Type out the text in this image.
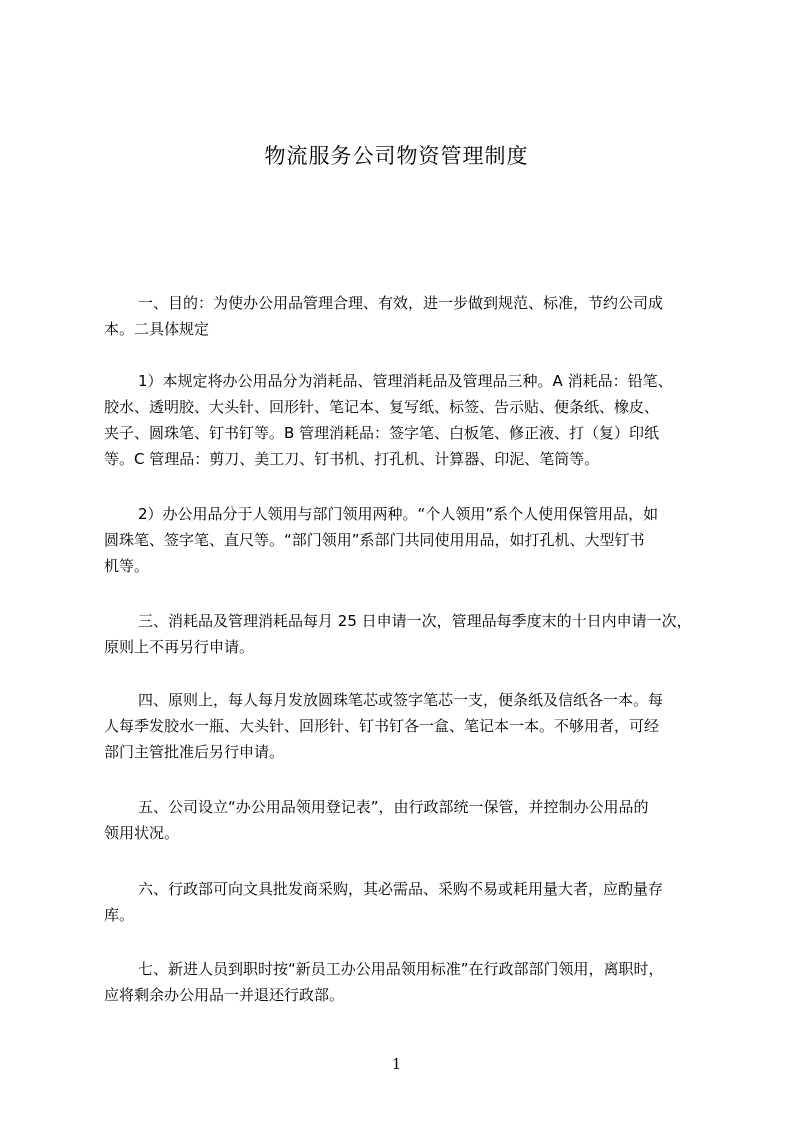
物流服务公司物资管理制度
一、目的：为使办公用品管理合理、有效，进一步做到规范、标准，节约公司成
本。二具体规定
1）本规定将办公用品分为消耗品、管理消耗品及管理品三种。A 消耗品：铅笔、
胶水、透明胶、大头针、回形针、笔记本、复写纸、标签、告示贴、便条纸、橡皮、
夹子、圆珠笔、钉书钉等。B 管理消耗品：签字笔、白板笔、修正液、打（复）印纸
等。C 管理品：剪刀、美工刀、钉书机、打孔机、计算器、印泥、笔筒等。
2）办公用品分于人领用与部门领用两种。“个人领用”系个人使用保管用品，如
圆珠笔、签字笔、直尺等。“部门领用”系部门共同使用用品，如打孔机、大型钉书
机等。
三、消耗品及管理消耗品每月 25 日申请一次，管理品每季度末的十日内申请一次，
原则上不再另行申请。
四、原则上，每人每月发放圆珠笔芯或签字笔芯一支，便条纸及信纸各一本。每
人每季发胶水一瓶、大头针、回形针、钉书钉各一盒、笔记本一本。不够用者，可经
部门主管批准后另行申请。
五、公司设立“办公用品领用登记表”，由行政部统一保管，并控制办公用品的
领用状况。
六、行政部可向文具批发商采购，其必需品、采购不易或耗用量大者，应酌量存
库。
七、新进人员到职时按“新员工办公用品领用标准”在行政部部门领用，离职时，
应将剩余办公用品一并退还行政部。
1
